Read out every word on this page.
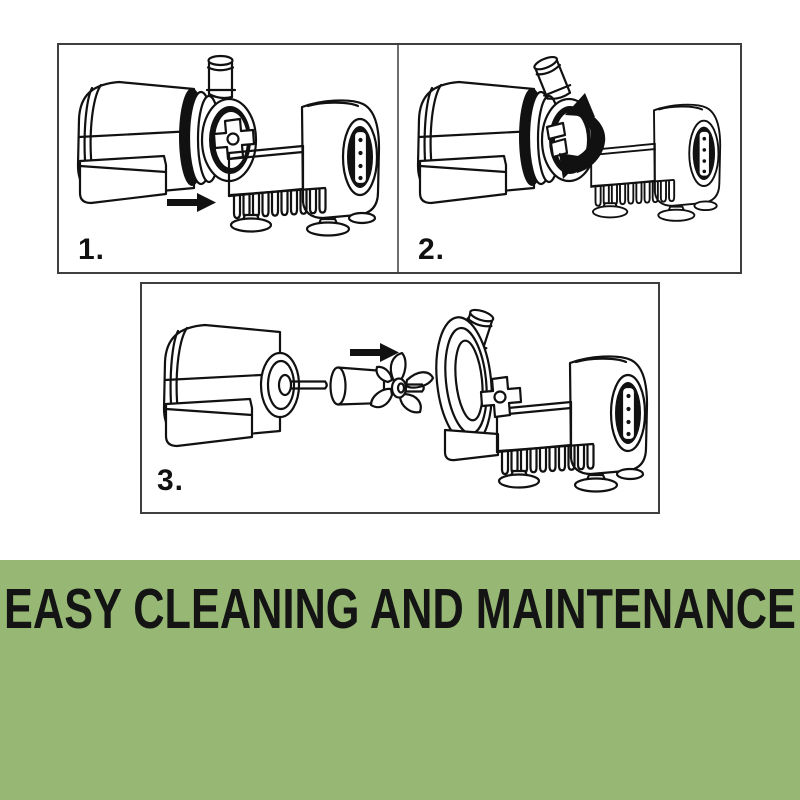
1.	2.
3.
EASY CLEANING AND MAINTENANCE
